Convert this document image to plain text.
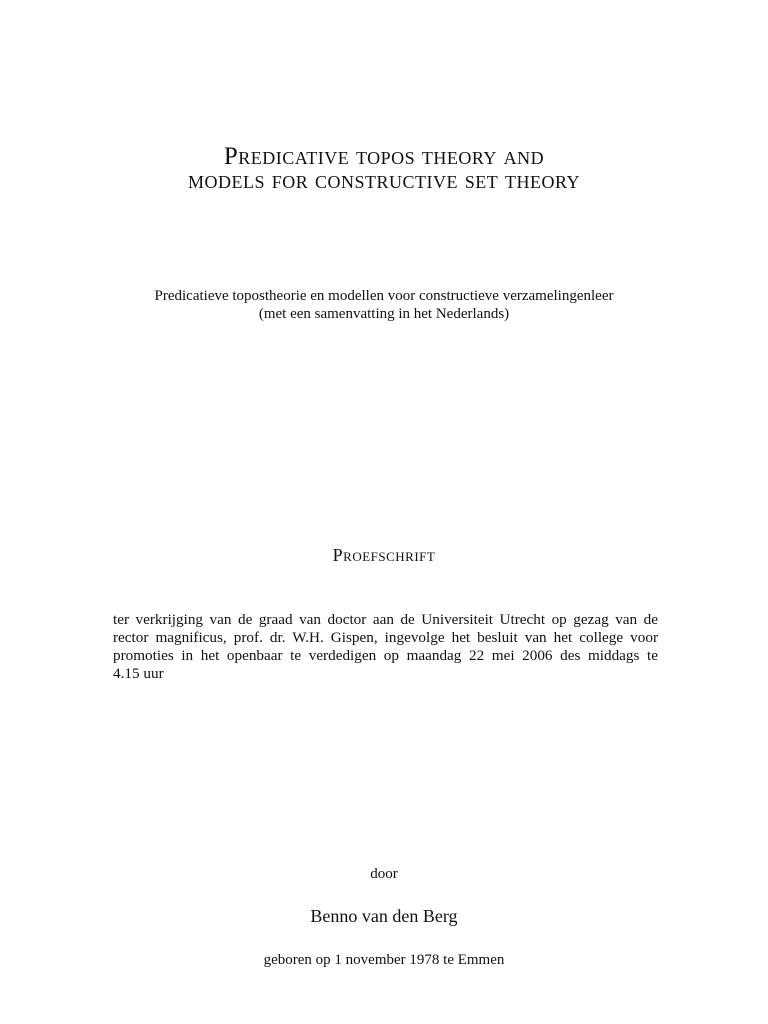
Predicative topos theory and
models for constructive set theory
Predicatieve topostheorie en modellen voor constructieve verzamelingenleer
(met een samenvatting in het Nederlands)
Proefschrift
ter verkrijging van de graad van doctor aan de Universiteit Utrecht op gezag van de
rector magnificus, prof. dr. W.H. Gispen, ingevolge het besluit van het college voor
promoties in het openbaar te verdedigen op maandag 22 mei 2006 des middags te
4.15 uur
door
Benno van den Berg
geboren op 1 november 1978 te Emmen
